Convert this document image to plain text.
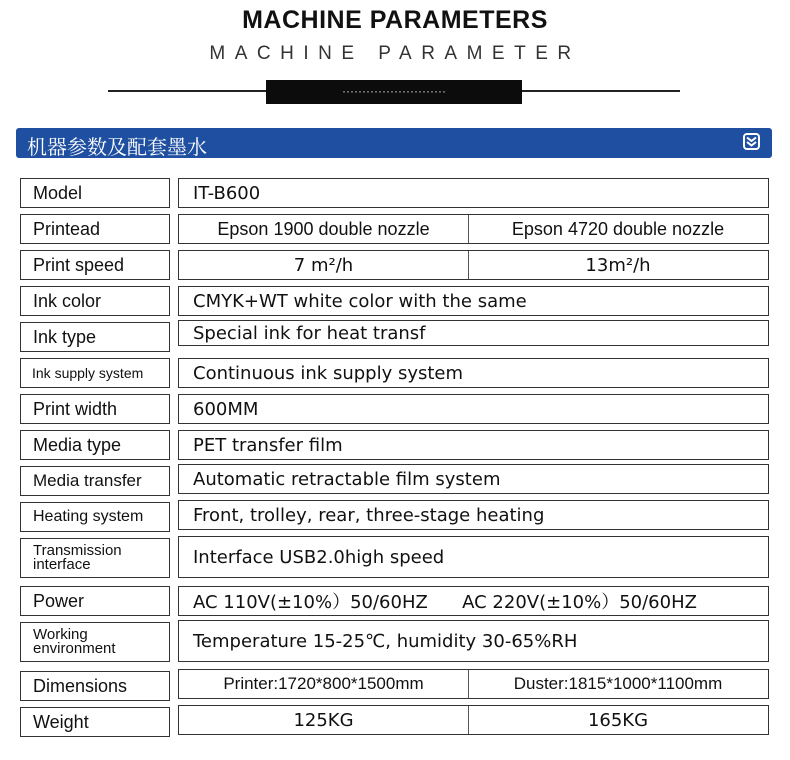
MACHINE PARAMETERS
MACHINE PARAMETER
··························
机器参数及配套墨水
Model	IT-B600
Printead	Epson 1900 double nozzle	Epson 4720 double nozzle
Print speed	7 m²/h	13m²/h
Ink color	CMYK+WT white color with the same
Ink type	Special ink for heat transf
Ink supply system	Continuous ink supply system
Print width	600MM
Media type	PET transfer film
Media transfer	Automatic retractable film system
Heating system	Front, trolley, rear, three-stage heating
Transmission
interface	Interface USB2.0high speed
Power	AC 110V(±10%）50/60HZ      AC 220V(±10%）50/60HZ
Working
environment	Temperature 15-25℃, humidity 30-65%RH
Dimensions	Printer:1720*800*1500mm	Duster:1815*1000*1100mm
Weight	125KG	165KG
